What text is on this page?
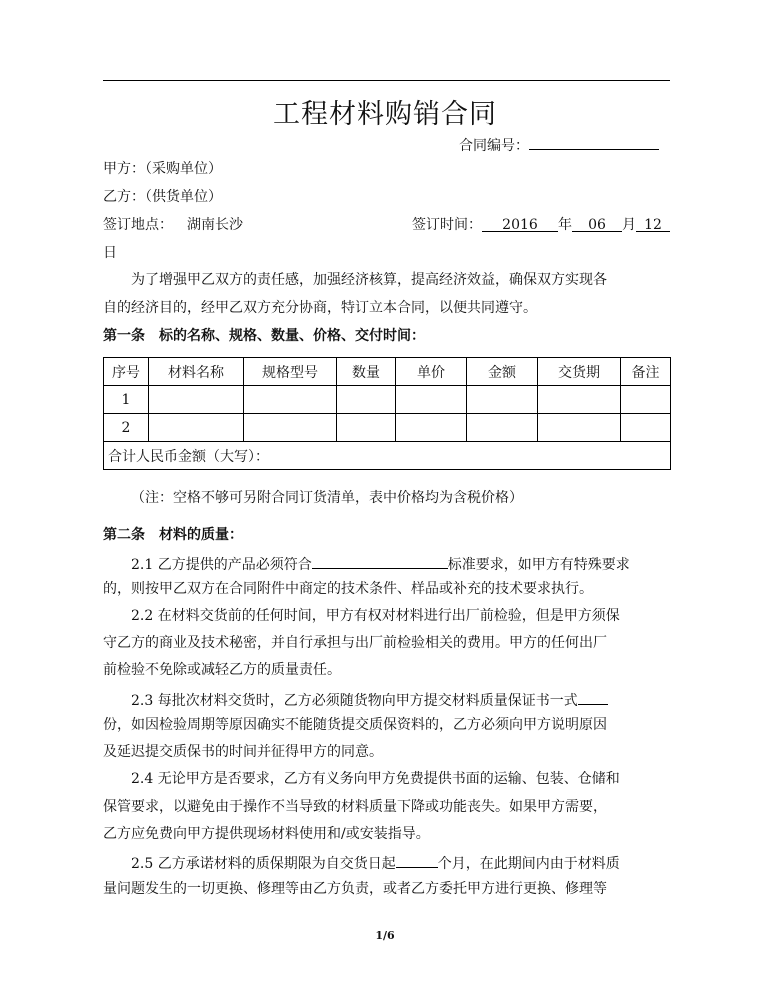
工程材料购销合同
合同编号：
甲方：（采购单位）
乙方：（供货单位）
签订地点： 湖南长沙	签订时间： 2016 年 06 月 12
日
为了增强甲乙双方的责任感，加强经济核算，提高经济效益，确保双方实现各
自的经济目的，经甲乙双方充分协商，特订立本合同，以便共同遵守。
第一条　标的名称、规格、数量、价格、交付时间：
序号	材料名称	规格型号	数量	单价	金额	交货期	备注
1							
2							
合计人民币金额（大写）：							
（注：空格不够可另附合同订货清单，表中价格均为含税价格）
第二条　材料的质量：
2.1 乙方提供的产品必须符合	标准要求，如甲方有特殊要求
的，则按甲乙双方在合同附件中商定的技术条件、样品或补充的技术要求执行。
2.2 在材料交货前的任何时间，甲方有权对材料进行出厂前检验，但是甲方须保
守乙方的商业及技术秘密，并自行承担与出厂前检验相关的费用。甲方的任何出厂
前检验不免除或减轻乙方的质量责任。
2.3 每批次材料交货时，乙方必须随货物向甲方提交材料质量保证书一式
份，如因检验周期等原因确实不能随货提交质保资料的，乙方必须向甲方说明原因
及延迟提交质保书的时间并征得甲方的同意。
2.4 无论甲方是否要求，乙方有义务向甲方免费提供书面的运输、包装、仓储和
保管要求，以避免由于操作不当导致的材料质量下降或功能丧失。如果甲方需要，
乙方应免费向甲方提供现场材料使用和/或安装指导。
2.5 乙方承诺材料的质保期限为自交货日起	个月，在此期间内由于材料质
量问题发生的一切更换、修理等由乙方负责，或者乙方委托甲方进行更换、修理等
1/6
